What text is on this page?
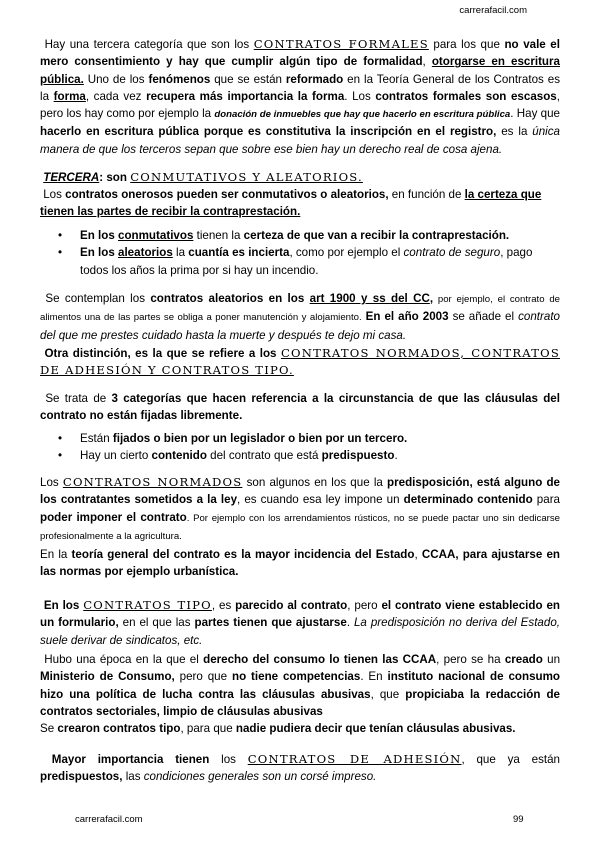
carrerafacil.com
Hay una tercera categoría que son los CONTRATOS FORMALES para los que no vale el mero consentimiento y hay que cumplir algún tipo de formalidad, otorgarse en escritura pública. Uno de los fenómenos que se están reformado en la Teoría General de los Contratos es la forma, cada vez recupera más importancia la forma. Los contratos formales son escasos, pero los hay como por ejemplo la donación de inmuebles que hay que hacerlo en escritura pública. Hay que hacerlo en escritura pública porque es constitutiva la inscripción en el registro, es la única manera de que los terceros sepan que sobre ese bien hay un derecho real de cosa ajena.
TERCERA: son CONMUTATIVOS Y ALEATORIOS.
Los contratos onerosos pueden ser conmutativos o aleatorios, en función de la certeza que tienen las partes de recibir la contraprestación.
• En los conmutativos tienen la certeza de que van a recibir la contraprestación.
• En los aleatorios la cuantía es incierta, como por ejemplo el contrato de seguro, pago todos los años la prima por si hay un incendio.
Se contemplan los contratos aleatorios en los art 1900 y ss del CC, por ejemplo, el contrato de alimentos una de las partes se obliga a poner manutención y alojamiento. En el año 2003 se añade el contrato del que me prestes cuidado hasta la muerte y después te dejo mi casa.
Otra distinción, es la que se refiere a los CONTRATOS NORMADOS, CONTRATOS DE ADHESIÓN Y CONTRATOS TIPO.
Se trata de 3 categorías que hacen referencia a la circunstancia de que las cláusulas del contrato no están fijadas libremente.
• Están fijados o bien por un legislador o bien por un tercero.
• Hay un cierto contenido del contrato que está predispuesto.
Los CONTRATOS NORMADOS son algunos en los que la predisposición, está alguno de los contratantes sometidos a la ley, es cuando esa ley impone un determinado contenido para poder imponer el contrato. Por ejemplo con los arrendamientos rústicos, no se puede pactar uno sin dedicarse profesionalmente a la agricultura.
En la teoría general del contrato es la mayor incidencia del Estado, CCAA, para ajustarse en las normas por ejemplo urbanística.
En los CONTRATOS TIPO, es parecido al contrato, pero el contrato viene establecido en un formulario, en el que las partes tienen que ajustarse. La predisposición no deriva del Estado, suele derivar de sindicatos, etc.
Hubo una época en la que el derecho del consumo lo tienen las CCAA, pero se ha creado un Ministerio de Consumo, pero que no tiene competencias. En instituto nacional de consumo hizo una política de lucha contra las cláusulas abusivas, que propiciaba la redacción de contratos sectoriales, limpio de cláusulas abusivas
Se crearon contratos tipo, para que nadie pudiera decir que tenían cláusulas abusivas.
Mayor importancia tienen los CONTRATOS DE ADHESIÓN, que ya están predispuestos, las condiciones generales son un corsé impreso.
carrerafacil.com	99
